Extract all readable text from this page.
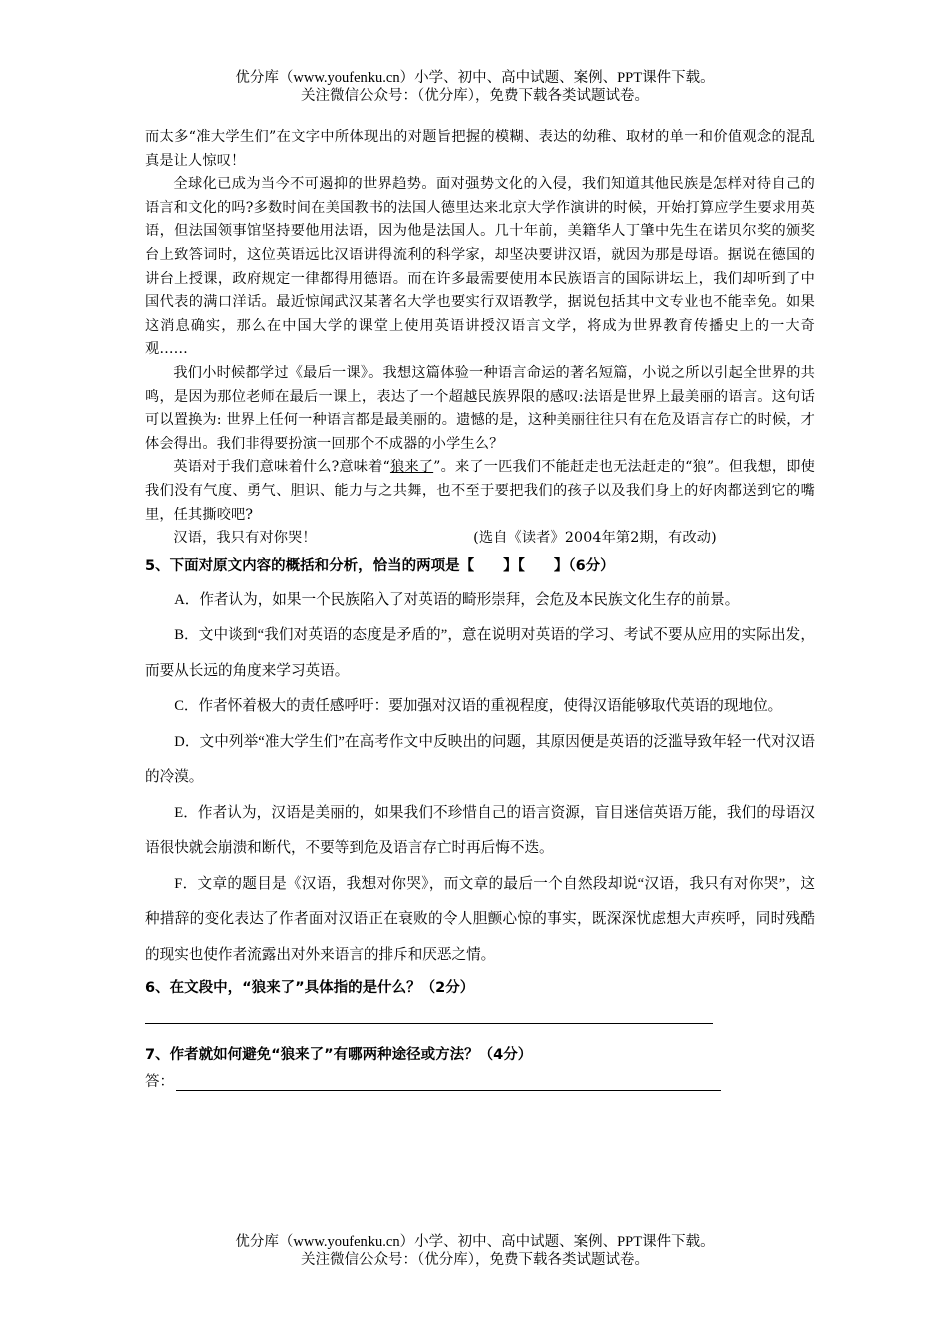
优分库（www.youfenku.cn）小学、初中、高中试题、案例、PPT课件下载。
关注微信公众号：（优分库），免费下载各类试题试卷。

而太多“准大学生们”在文字中所体现出的对题旨把握的模糊、表达的幼稚、取材的单一和价值观念的混乱真是让人惊叹！

全球化已成为当今不可遏抑的世界趋势。面对强势文化的入侵，我们知道其他民族是怎样对待自己的语言和文化的吗?多数时间在美国教书的法国人德里达来北京大学作演讲的时候，开始打算应学生要求用英语，但法国领事馆坚持要他用法语，因为他是法国人。几十年前，美籍华人丁肇中先生在诺贝尔奖的颁奖台上致答词时，这位英语远比汉语讲得流利的科学家，却坚决要讲汉语，就因为那是母语。据说在德国的讲台上授课，政府规定一律都得用德语。而在许多最需要使用本民族语言的国际讲坛上，我们却听到了中国代表的满口洋话。最近惊闻武汉某著名大学也要实行双语教学，据说包括其中文专业也不能幸免。如果这消息确实，那么在中国大学的课堂上使用英语讲授汉语言文学，将成为世界教育传播史上的一大奇观……

我们小时候都学过《最后一课》。我想这篇体验一种语言命运的著名短篇，小说之所以引起全世界的共鸣，是因为那位老师在最后一课上，表达了一个超越民族界限的感叹:法语是世界上最美丽的语言。这句话可以置换为: 世界上任何一种语言都是最美丽的。遗憾的是，这种美丽往往只有在危及语言存亡的时候，才体会得出。我们非得要扮演一回那个不成器的小学生么？

英语对于我们意味着什么?意味着“狼来了”。来了一匹我们不能赶走也无法赶走的“狼”。但我想，即使我们没有气度、勇气、胆识、能力与之共舞，也不至于要把我们的孩子以及我们身上的好肉都送到它的嘴里，任其撕咬吧?

汉语，我只有对你哭！	(选自《读者》2004年第2期，有改动)

5、下面对原文内容的概括和分析，恰当的两项是【　　】【　　】（6分）

A．作者认为，如果一个民族陷入了对英语的畸形崇拜，会危及本民族文化生存的前景。

B．文中谈到“我们对英语的态度是矛盾的”，意在说明对英语的学习、考试不要从应用的实际出发，而要从长远的角度来学习英语。

C．作者怀着极大的责任感呼吁：要加强对汉语的重视程度，使得汉语能够取代英语的现地位。

D．文中列举“准大学生们”在高考作文中反映出的问题，其原因便是英语的泛滥导致年轻一代对汉语的冷漠。

E．作者认为，汉语是美丽的，如果我们不珍惜自己的语言资源，盲目迷信英语万能，我们的母语汉语很快就会崩溃和断代，不要等到危及语言存亡时再后悔不迭。

F．文章的题目是《汉语，我想对你哭》，而文章的最后一个自然段却说“汉语，我只有对你哭”，这种措辞的变化表达了作者面对汉语正在衰败的令人胆颤心惊的事实，既深深忧虑想大声疾呼，同时残酷的现实也使作者流露出对外来语言的排斥和厌恶之情。

6、在文段中，“狼来了”具体指的是什么？（2分）

7、作者就如何避免“狼来了”有哪两种途径或方法？（4分）

答：
优分库（www.youfenku.cn）小学、初中、高中试题、案例、PPT课件下载。
关注微信公众号：（优分库），免费下载各类试题试卷。
